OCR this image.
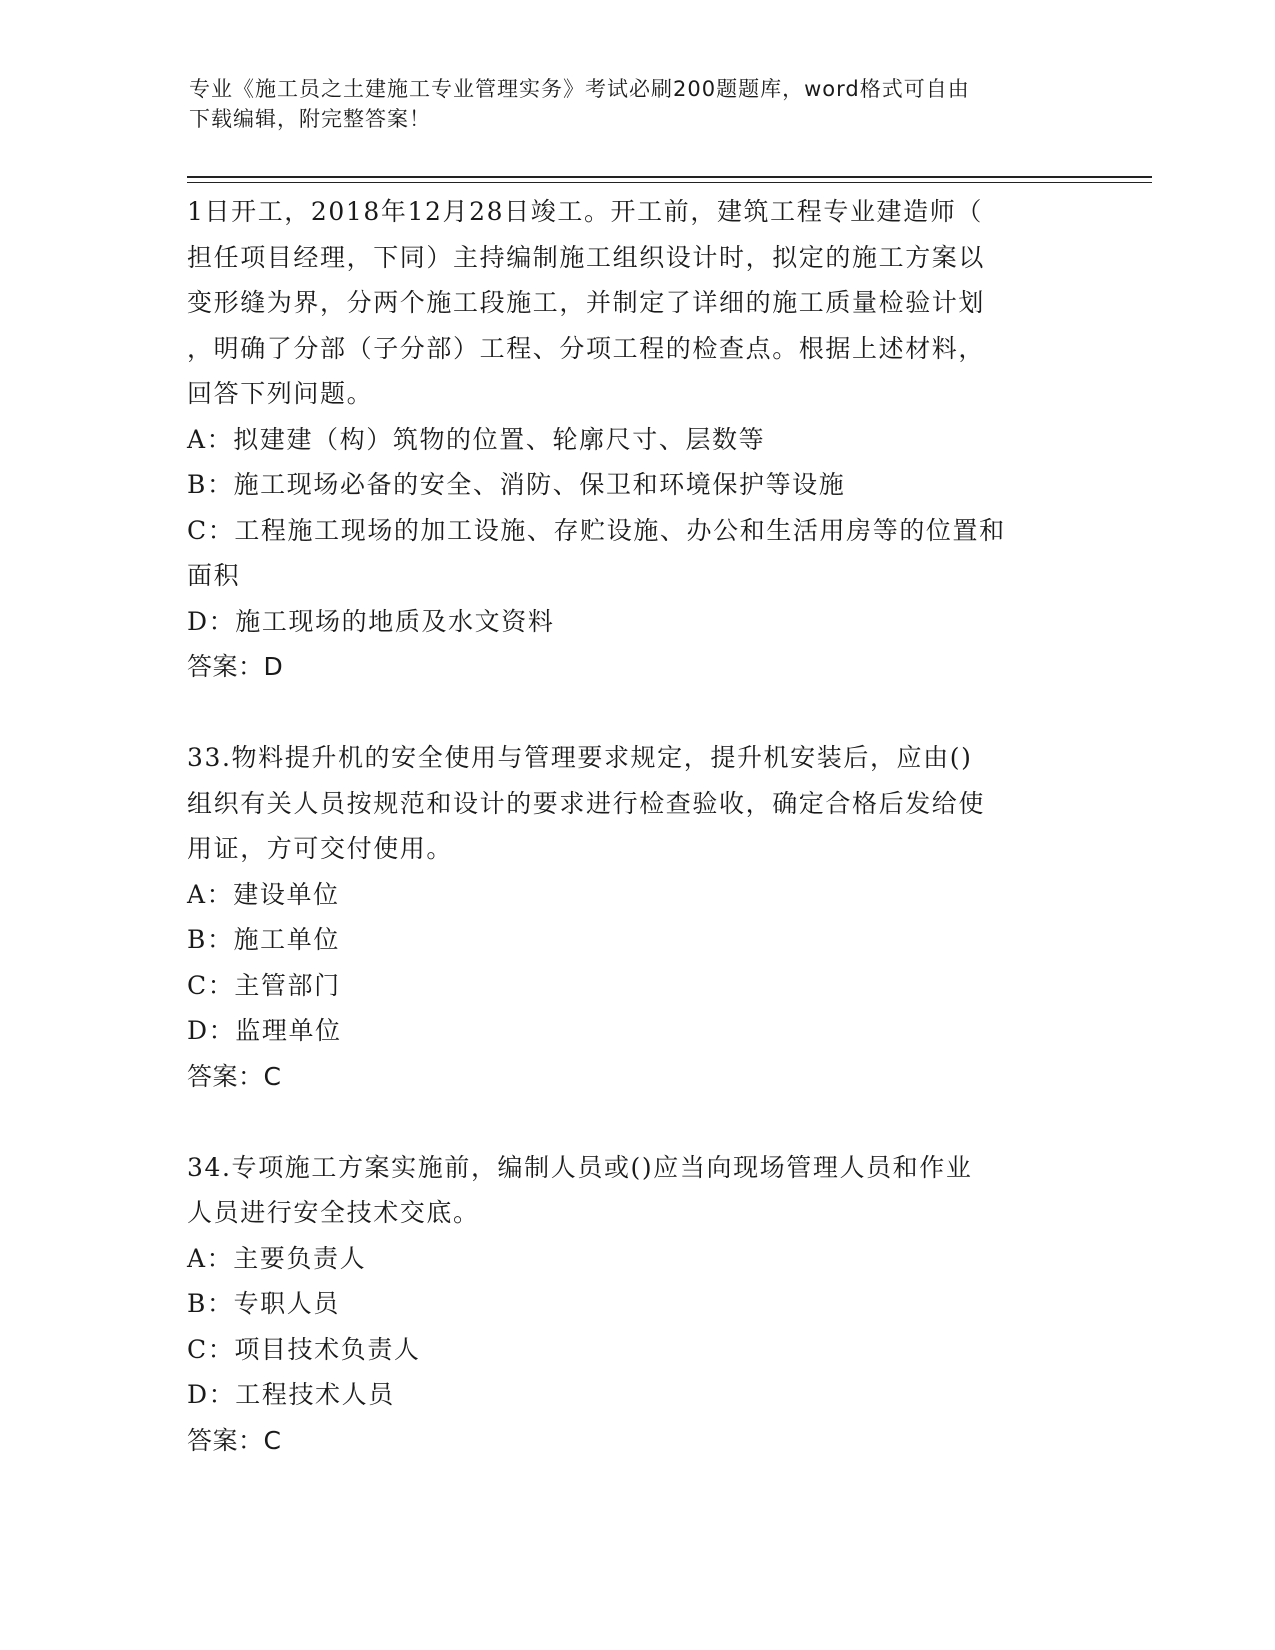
专业《施工员之土建施工专业管理实务》考试必刷200题题库，word格式可自由
下载编辑，附完整答案！
1日开工，2018年12月28日竣工。开工前，建筑工程专业建造师（
担任项目经理，下同）主持编制施工组织设计时，拟定的施工方案以
变形缝为界，分两个施工段施工，并制定了详细的施工质量检验计划
，明确了分部（子分部）工程、分项工程的检查点。根据上述材料，
回答下列问题。
A：拟建建（构）筑物的位置、轮廓尺寸、层数等
B：施工现场必备的安全、消防、保卫和环境保护等设施
C：工程施工现场的加工设施、存贮设施、办公和生活用房等的位置和
面积
D：施工现场的地质及水文资料
答案：D
33.物料提升机的安全使用与管理要求规定，提升机安装后，应由()
组织有关人员按规范和设计的要求进行检查验收，确定合格后发给使
用证，方可交付使用。
A：建设单位
B：施工单位
C：主管部门
D：监理单位
答案：C
34.专项施工方案实施前，编制人员或()应当向现场管理人员和作业
人员进行安全技术交底。
A：主要负责人
B：专职人员
C：项目技术负责人
D：工程技术人员
答案：C
